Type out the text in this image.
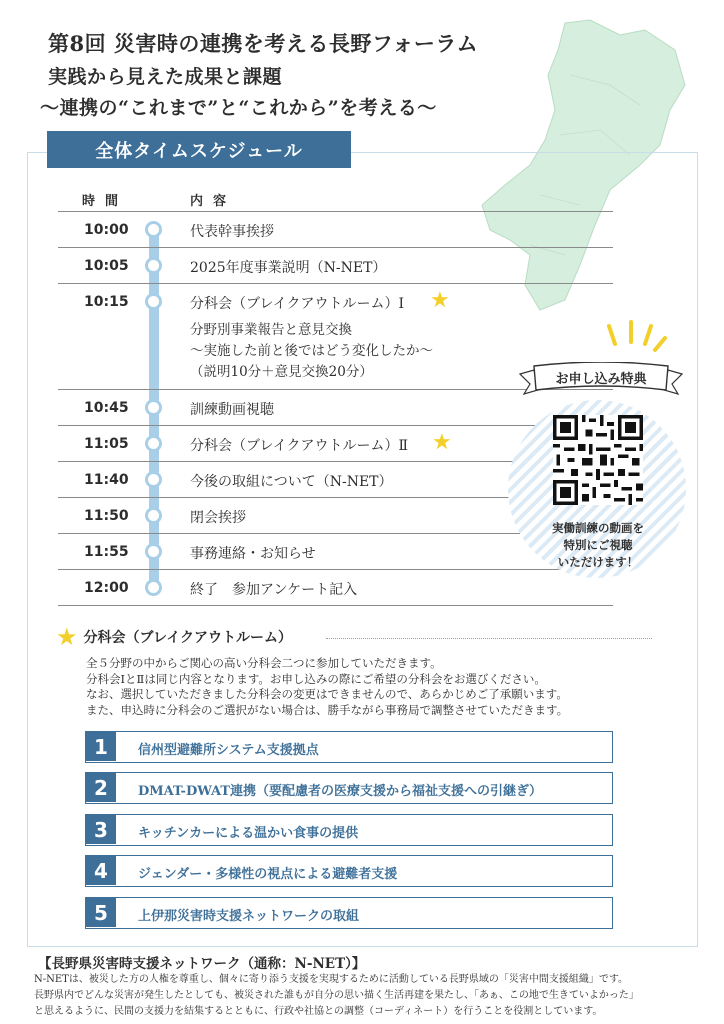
第8回 災害時の連携を考える長野フォーラム
実践から見えた成果と課題
〜連携の“これまで”と“これから”を考える〜
全体タイムスケジュール
時間	内容
10:00	代表幹事挨拶
10:05	2025年度事業説明（N-NET）
10:15	分科会（ブレイクアウトルーム）Ⅰ ★
分野別事業報告と意見交換
〜実施した前と後ではどう変化したか〜
（説明10分＋意見交換20分）
10:45	訓練動画視聴
11:05	分科会（ブレイクアウトルーム）Ⅱ ★
11:40	今後の取組について（N-NET）
11:50	閉会挨拶
11:55	事務連絡・お知らせ
12:00	終了　参加アンケート記入
お申し込み特典
実働訓練の動画を
特別にご視聴
いただけます！
★ 分科会（ブレイクアウトルーム）
全５分野の中からご関心の高い分科会二つに参加していただきます。
分科会ⅠとⅡは同じ内容となります。お申し込みの際にご希望の分科会をお選びください。
なお、選択していただきました分科会の変更はできませんので、あらかじめご了承願います。
また、申込時に分科会のご選択がない場合は、勝手ながら事務局で調整させていただきます。
1	信州型避難所システム支援拠点
2	DMAT-DWAT連携（要配慮者の医療支援から福祉支援への引継ぎ）
3	キッチンカーによる温かい食事の提供
4	ジェンダー・多様性の視点による避難者支援
5	上伊那災害時支援ネットワークの取組
【長野県災害時支援ネットワーク（通称：N-NET）】
N-NETは、被災した方の人権を尊重し、個々に寄り添う支援を実現するために活動している長野県域の「災害中間支援組織」です。
長野県内でどんな災害が発生したとしても、被災された誰もが自分の思い描く生活再建を果たし、「あぁ、この地で生きていよかった」
と思えるように、民間の支援力を結集するとともに、行政や社協との調整（コーディネート）を行うことを役割としています。
